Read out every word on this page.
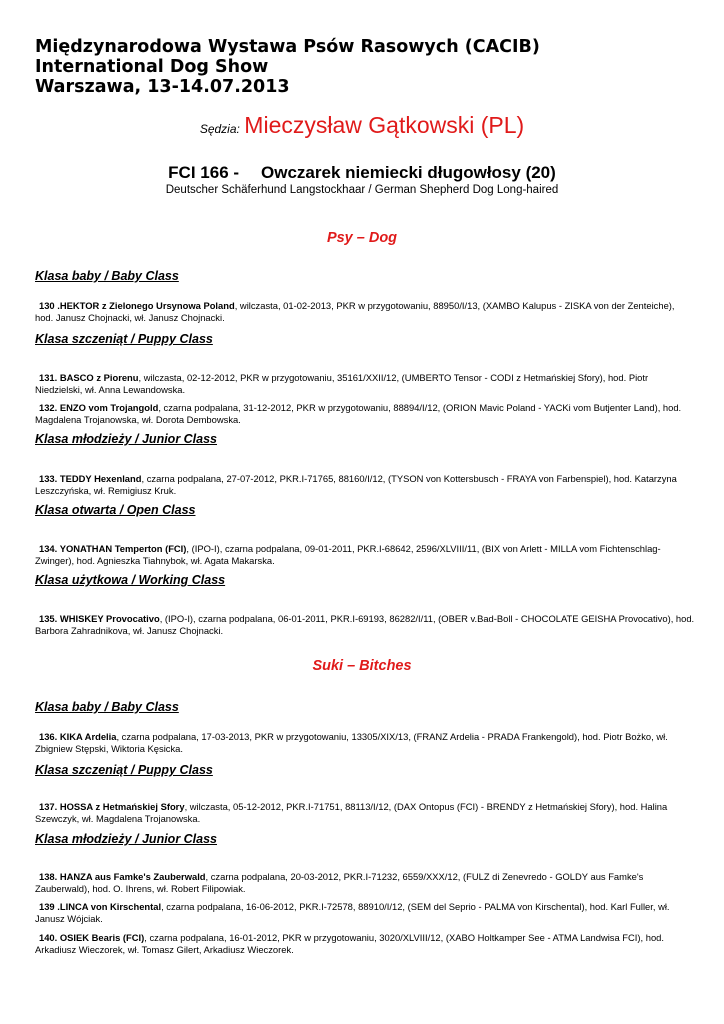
Międzynarodowa Wystawa Psów Rasowych (CACIB)
International Dog Show
Warszawa, 13-14.07.2013
Sędzia: Mieczysław Gątkowski (PL)
FCI 166 - Owczarek niemiecki długowłosy (20)
Deutscher Schäferhund Langstockhaar / German Shepherd Dog Long-haired
Psy – Dog
Klasa baby / Baby Class
130 .HEKTOR z Zielonego Ursynowa Poland, wilczasta, 01-02-2013, PKR w przygotowaniu, 88950/I/13, (XAMBO Kalupus - ZISKA von der Zenteiche), hod. Janusz Chojnacki, wł. Janusz Chojnacki.
Klasa szczeniąt / Puppy Class
131. BASCO z Piorenu, wilczasta, 02-12-2012, PKR w przygotowaniu, 35161/XXII/12, (UMBERTO Tensor - CODI z Hetmańskiej Sfory), hod. Piotr Niedzielski, wł. Anna Lewandowska.
132. ENZO vom Trojangold, czarna podpalana, 31-12-2012, PKR w przygotowaniu, 88894/I/12, (ORION Mavic Poland - YACKi vom Butjenter Land), hod. Magdalena Trojanowska, wł. Dorota Dembowska.
Klasa młodzieży / Junior Class
133. TEDDY Hexenland, czarna podpalana, 27-07-2012, PKR.I-71765, 88160/I/12, (TYSON von Kottersbusch - FRAYA von Farbenspiel), hod. Katarzyna Leszczyńska, wł. Remigiusz Kruk.
Klasa otwarta / Open Class
134. YONATHAN Temperton (FCI), (IPO-I), czarna podpalana, 09-01-2011, PKR.I-68642, 2596/XLVIII/11, (BIX von Arlett - MILLA vom Fichtenschlag-Zwinger), hod. Agnieszka Tiahnybok, wł. Agata Makarska.
Klasa użytkowa / Working Class
135. WHISKEY Provocativo, (IPO-I), czarna podpalana, 06-01-2011, PKR.I-69193, 86282/I/11, (OBER v.Bad-Boll - CHOCOLATE GEISHA Provocativo), hod. Barbora Zahradnikova, wł. Janusz Chojnacki.
Suki – Bitches
Klasa baby / Baby Class
136. KIKA Ardelia, czarna podpalana, 17-03-2013, PKR w przygotowaniu, 13305/XIX/13, (FRANZ Ardelia - PRADA Frankengold), hod. Piotr Bożko, wł. Zbigniew Stępski, Wiktoria Kęsicka.
Klasa szczeniąt / Puppy Class
137. HOSSA z Hetmańskiej Sfory, wilczasta, 05-12-2012, PKR.I-71751, 88113/I/12, (DAX Ontopus (FCI) - BRENDY z Hetmańskiej Sfory), hod. Halina Szewczyk, wł. Magdalena Trojanowska.
Klasa młodzieży / Junior Class
138. HANZA aus Famke's Zauberwald, czarna podpalana, 20-03-2012, PKR.I-71232, 6559/XXX/12, (FULZ di Zenevredo - GOLDY aus Famke's Zauberwald), hod. O. Ihrens, wł. Robert Filipowiak.
139 .LINCA von Kirschental, czarna podpalana, 16-06-2012, PKR.I-72578, 88910/I/12, (SEM del Seprio - PALMA von Kirschental), hod. Karl Fuller, wł. Janusz Wójciak.
140. OSIEK Bearis (FCI), czarna podpalana, 16-01-2012, PKR w przygotowaniu, 3020/XLVIII/12, (XABO Holtkamper See - ATMA Landwisa FCI), hod. Arkadiusz Wieczorek, wł. Tomasz Gilert, Arkadiusz Wieczorek.
